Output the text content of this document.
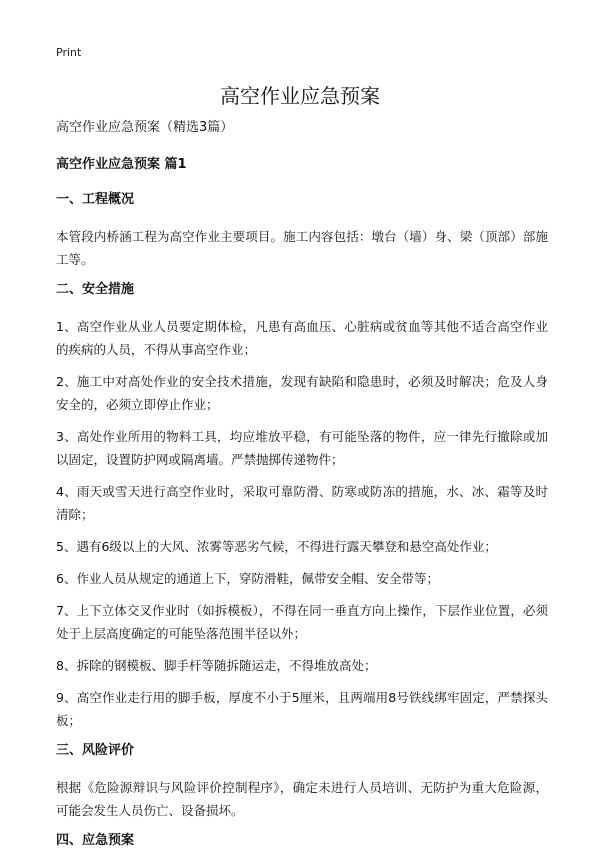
Print
高空作业应急预案
高空作业应急预案（精选3篇）
高空作业应急预案 篇1
一、工程概况
本管段内桥涵工程为高空作业主要项目。施工内容包括：墩台（墙）身、梁（顶部）部施工等。
二、安全措施
1、高空作业从业人员要定期体检，凡患有高血压、心脏病或贫血等其他不适合高空作业的疾病的人员，不得从事高空作业；
2、施工中对高处作业的安全技术措施，发现有缺陷和隐患时，必须及时解决；危及人身安全的，必须立即停止作业；
3、高处作业所用的物料工具，均应堆放平稳，有可能坠落的物件，应一律先行撤除或加以固定，设置防护网或隔离墙。严禁抛掷传递物件；
4、雨天或雪天进行高空作业时，采取可靠防滑、防寒或防冻的措施，水、冰、霜等及时清除；
5、遇有6级以上的大风、浓雾等恶劣气候，不得进行露天攀登和悬空高处作业；
6、作业人员从规定的通道上下，穿防滑鞋，佩带安全帽、安全带等；
7、上下立体交叉作业时（如拆模板），不得在同一垂直方向上操作，下层作业位置，必须处于上层高度确定的可能坠落范围半径以外；
8、拆除的钢模板、脚手杆等随拆随运走，不得堆放高处；
9、高空作业走行用的脚手板，厚度不小于5厘米，且两端用8号铁线绑牢固定，严禁探头板；
三、风险评价
根据《危险源辩识与风险评价控制程序》，确定未进行人员培训、无防护为重大危险源，可能会发生人员伤亡、设备损坏。
四、应急预案
